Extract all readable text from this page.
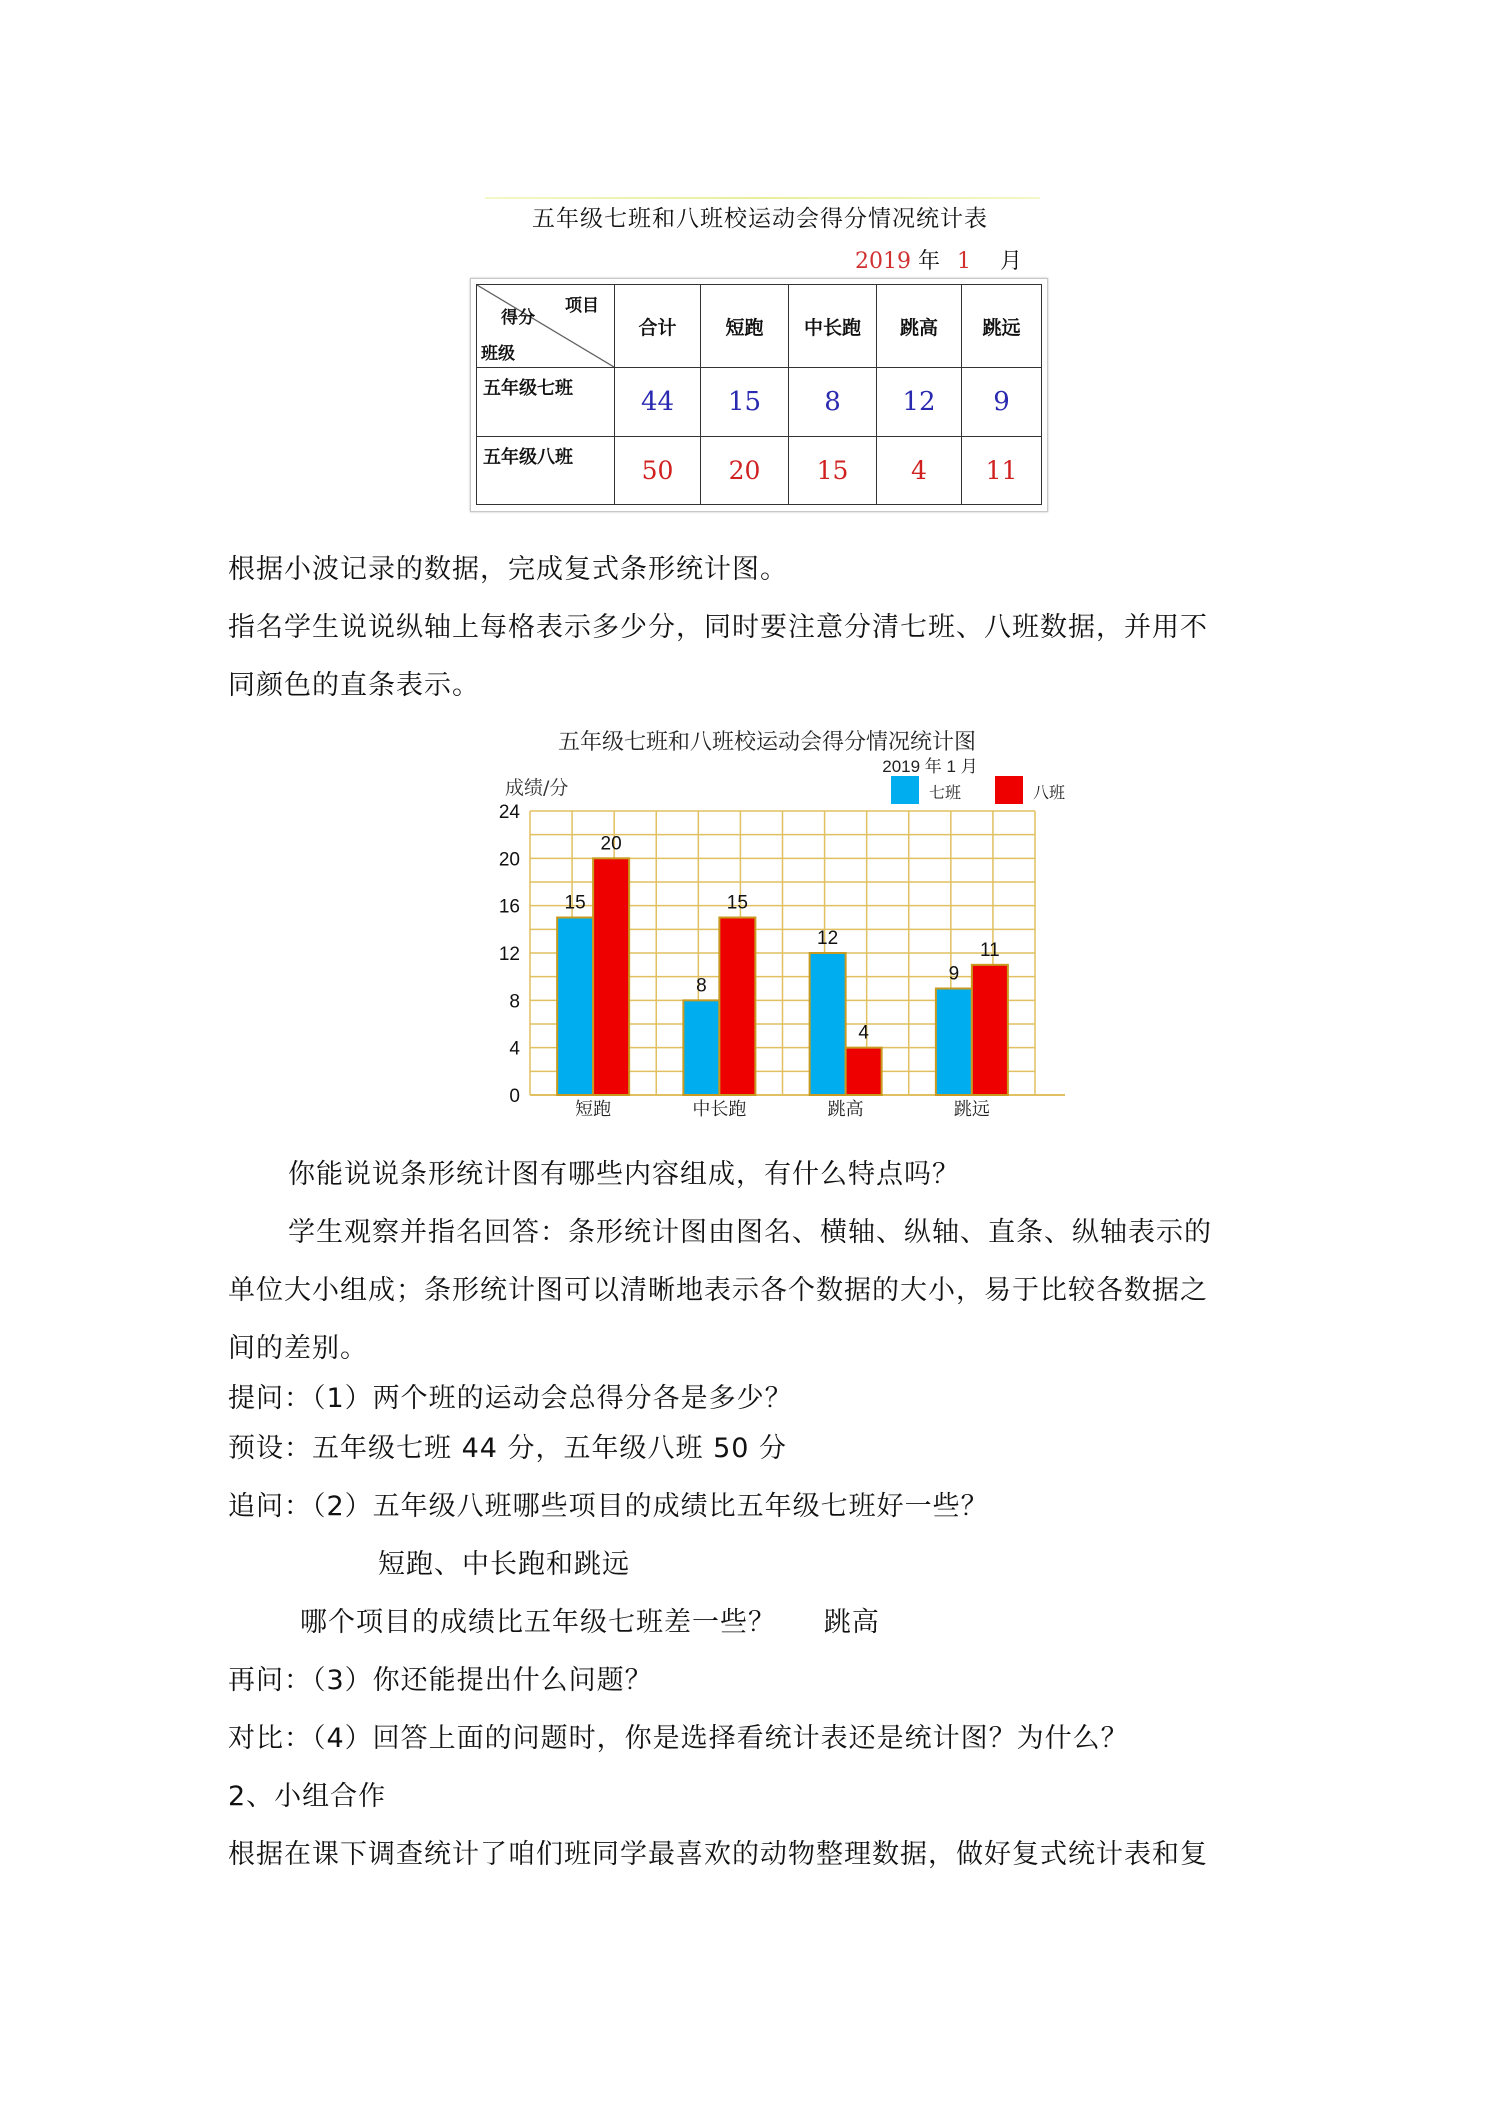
五年级七班和八班校运动会得分情况统计表
2019 年 1 月
项目
得分
班级	合计	短跑	中长跑	跳高	跳远
五年级七班	44	15	8	12	9
五年级八班	50	20	15	4	11
根据小波记录的数据，完成复式条形统计图。
指名学生说说纵轴上每格表示多少分，同时要注意分清七班、八班数据，并用不
同颜色的直条表示。
五年级七班和八班校运动会得分情况统计图
2019 年 1 月
成绩/分	七班	八班
0
4
8
12
16
20
24
15
20
8
15
12
4
9
11
短跑	中长跑	跳高	跳远
你能说说条形统计图有哪些内容组成，有什么特点吗？
学生观察并指名回答：条形统计图由图名、横轴、纵轴、直条、纵轴表示的
单位大小组成；条形统计图可以清晰地表示各个数据的大小，易于比较各数据之
间的差别。
提问：（1）两个班的运动会总得分各是多少？
预设：五年级七班 44 分，五年级八班 50 分
追问：（2）五年级八班哪些项目的成绩比五年级七班好一些？
短跑、中长跑和跳远
哪个项目的成绩比五年级七班差一些？     跳高
再问：（3）你还能提出什么问题？
对比：（4）回答上面的问题时，你是选择看统计表还是统计图？为什么？
2、小组合作
根据在课下调查统计了咱们班同学最喜欢的动物整理数据，做好复式统计表和复
